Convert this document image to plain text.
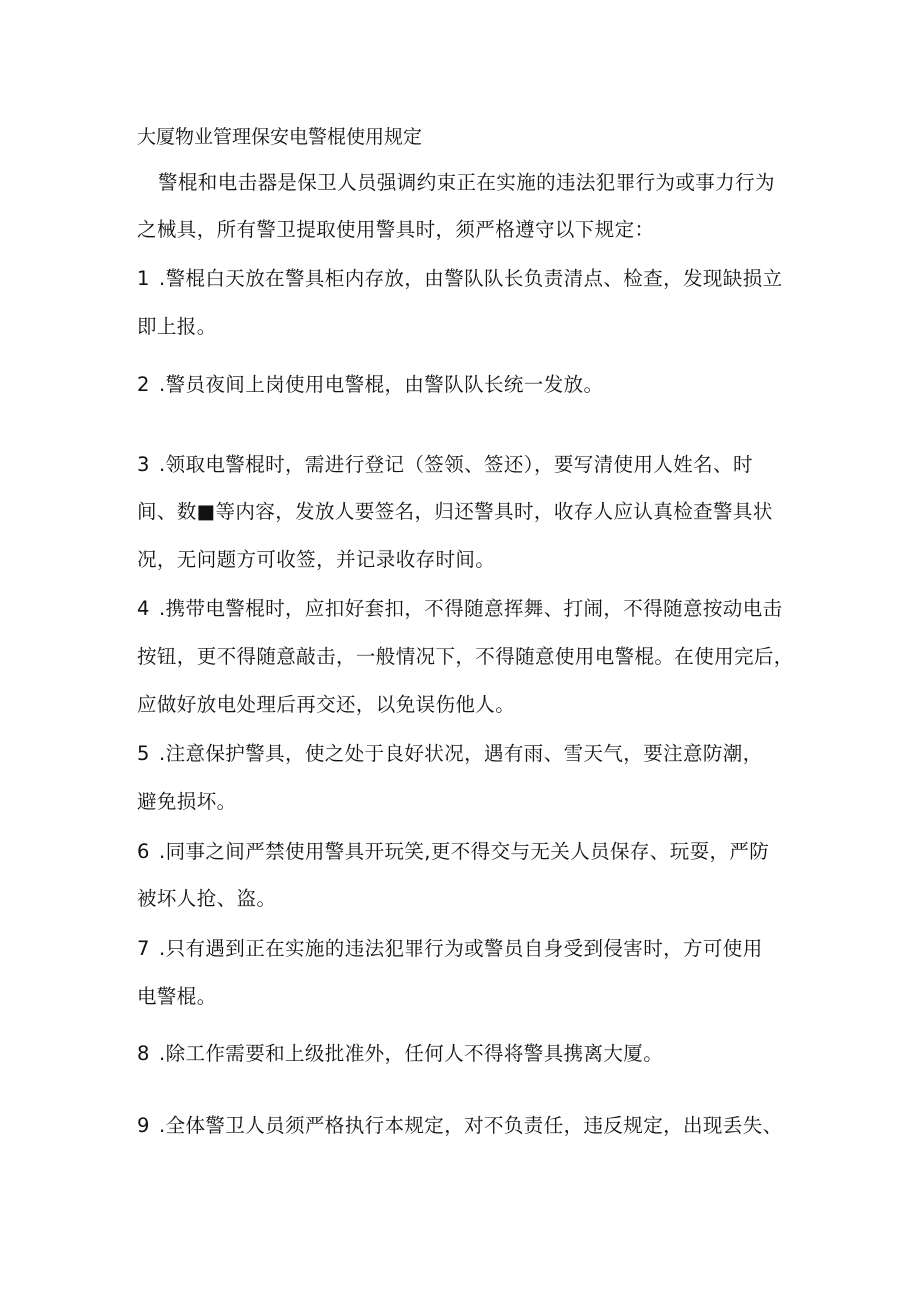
大厦物业管理保安电警棍使用规定

警棍和电击器是保卫人员强调约束正在实施的违法犯罪行为或事力行为

之械具，所有警卫提取使用警具时，须严格遵守以下规定：

1 .警棍白天放在警具柜内存放，由警队队长负责清点、检查，发现缺损立

即上报。

2 .警员夜间上岗使用电警棍，由警队队长统一发放。

3 .领取电警棍时，需进行登记（签领、签还），要写清使用人姓名、时

间、数■等内容，发放人要签名，归还警具时，收存人应认真检查警具状

况，无问题方可收签，并记录收存时间。

4 .携带电警棍时，应扣好套扣，不得随意挥舞、打闹，不得随意按动电击

按钮，更不得随意敲击，一般情况下，不得随意使用电警棍。在使用完后，

应做好放电处理后再交还，以免误伤他人。

5 .注意保护警具，使之处于良好状况，遇有雨、雪天气，要注意防潮，

避免损坏。

6 .同事之间严禁使用警具开玩笑,更不得交与无关人员保存、玩耍，严防

被坏人抢、盗。

7 .只有遇到正在实施的违法犯罪行为或警员自身受到侵害时，方可使用

电警棍。

8 .除工作需要和上级批准外，任何人不得将警具携离大厦。

9 .全体警卫人员须严格执行本规定，对不负责任，违反规定，出现丢失、
